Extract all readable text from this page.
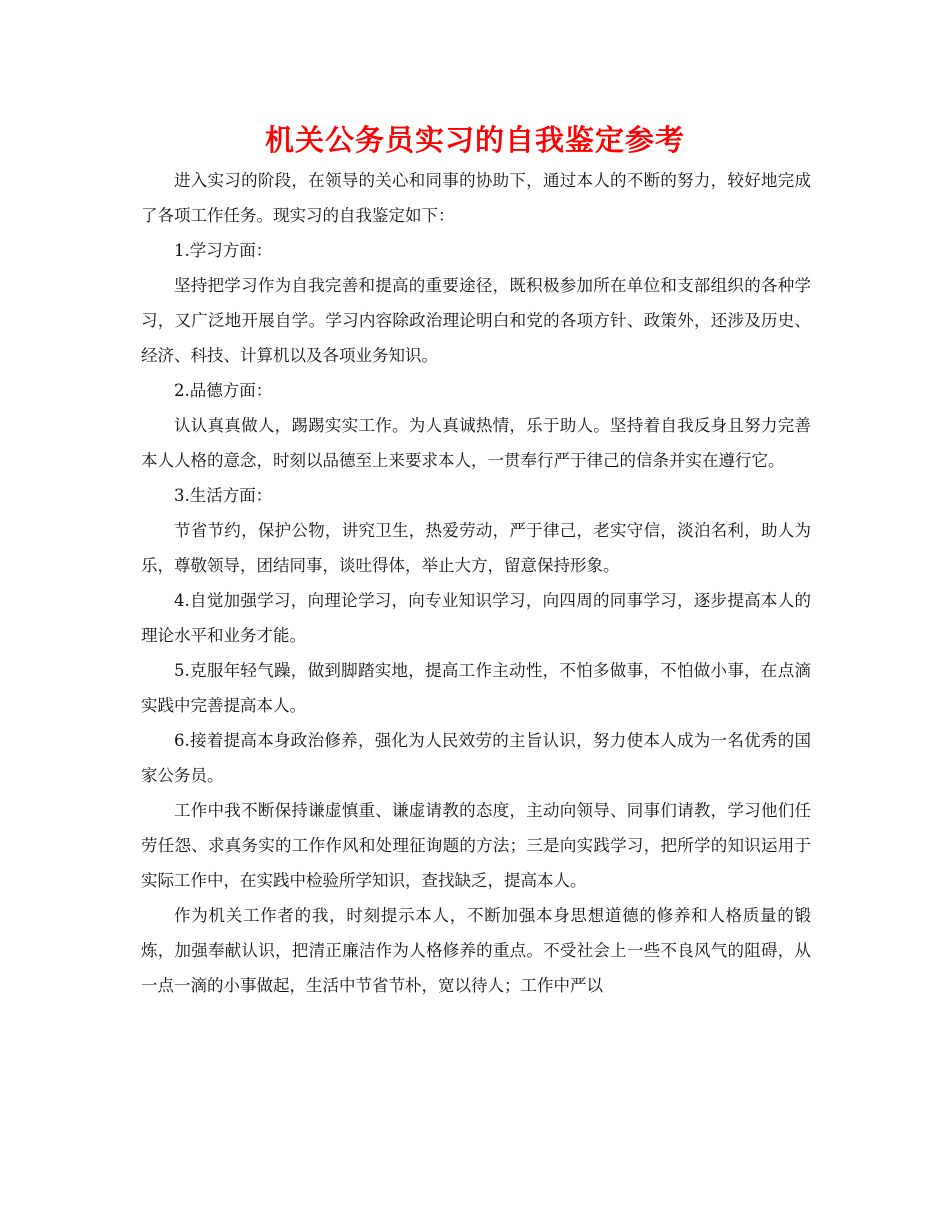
机关公务员实习的自我鉴定参考

进入实习的阶段，在领导的关心和同事的协助下，通过本人的不断的努力，较好地完成了各项工作任务。现实习的自我鉴定如下：

1.学习方面：

坚持把学习作为自我完善和提高的重要途径，既积极参加所在单位和支部组织的各种学习，又广泛地开展自学。学习内容除政治理论明白和党的各项方针、政策外，还涉及历史、经济、科技、计算机以及各项业务知识。

2.品德方面：

认认真真做人，踢踢实实工作。为人真诚热情，乐于助人。坚持着自我反身且努力完善本人人格的意念，时刻以品德至上来要求本人，一贯奉行严于律己的信条并实在遵行它。

3.生活方面：

节省节约，保护公物，讲究卫生，热爱劳动，严于律己，老实守信，淡泊名利，助人为乐，尊敬领导，团结同事，谈吐得体，举止大方，留意保持形象。

4.自觉加强学习，向理论学习，向专业知识学习，向四周的同事学习，逐步提高本人的理论水平和业务才能。

5.克服年轻气躁，做到脚踏实地，提高工作主动性，不怕多做事，不怕做小事，在点滴实践中完善提高本人。

6.接着提高本身政治修养，强化为人民效劳的主旨认识，努力使本人成为一名优秀的国家公务员。

工作中我不断保持谦虚慎重、谦虚请教的态度，主动向领导、同事们请教，学习他们任劳任怨、求真务实的工作作风和处理征询题的方法；三是向实践学习，把所学的知识运用于实际工作中，在实践中检验所学知识，查找缺乏，提高本人。

作为机关工作者的我，时刻提示本人，不断加强本身思想道德的修养和人格质量的锻炼，加强奉献认识，把清正廉洁作为人格修养的重点。不受社会上一些不良风气的阻碍，从一点一滴的小事做起，生活中节省节朴，宽以待人；工作中严以
